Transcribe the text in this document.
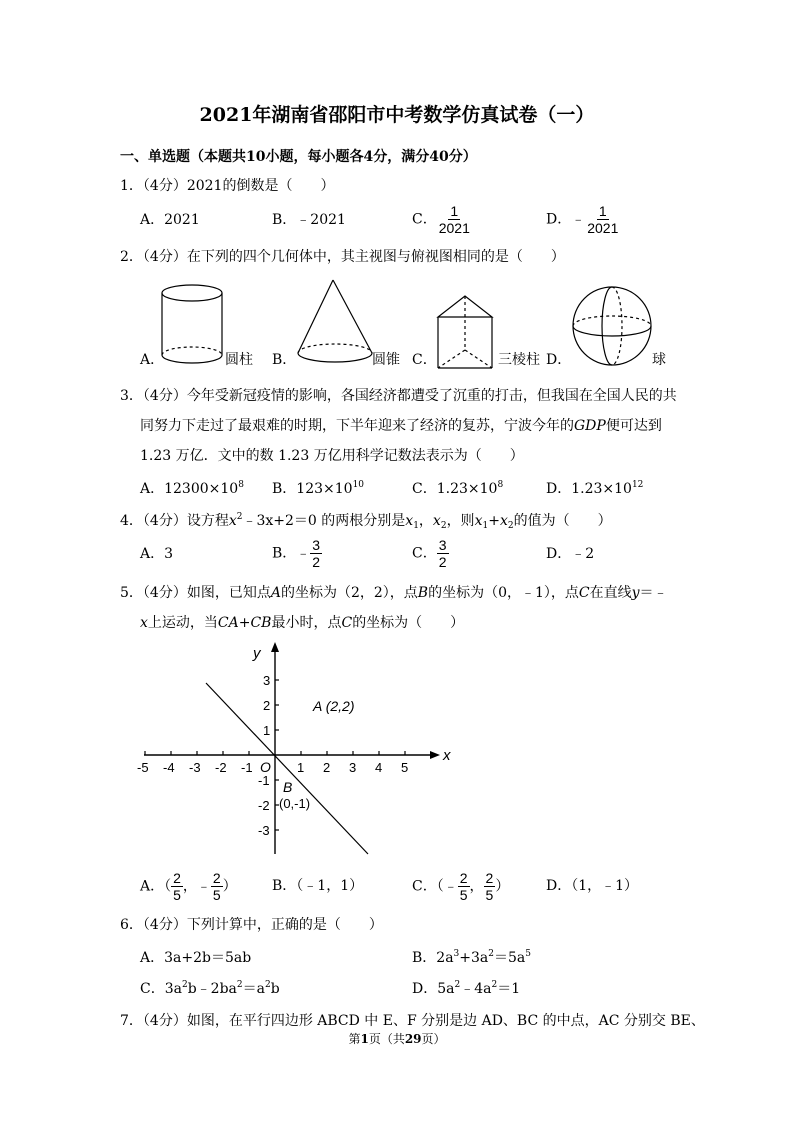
2021年湖南省邵阳市中考数学仿真试卷（一）
一、单选题（本题共10小题，每小题各4分，满分40分）
1．（4分）2021的倒数是（　　）
A．2021	B．﹣2021	C． $\frac{1}{2021}$	D．﹣ $\frac{1}{2021}$
2．（4分）在下列的四个几何体中，其主视图与俯视图相同的是（　　）
A．	圆柱 B．	圆锥 C．	三棱柱 D．	球
3．（4分）今年受新冠疫情的影响，各国经济都遭受了沉重的打击，但我国在全国人民的共
同努力下走过了最艰难的时期，下半年迎来了经济的复苏，宁波今年的GDP便可达到
1.23 万亿．文中的数 1.23 万亿用科学记数法表示为（　　）
A．$12300\times 10^8$ B．$123\times 10^{10}$	C．$1.23\times 10^8$	D．$1.23\times 10^{12}$
4．（4分）设方程$x^2﹣3x+2=0$ 的两根分别是$x_1$，$x_2$，则$x_1+x_2$的值为（　　）
A．3	B．﹣ $\frac{3}{2}$	C． $\frac{3}{2}$	D．﹣2
5．（4分）如图，已知点A的坐标为（2，2），点B的坐标为（0，﹣1），点C在直线y＝﹣
x上运动，当CA+CB最小时，点C的坐标为（　　）
-5 -4 -3 -2 -1	1 2 3 4 5
3
2
1
-1
-2
-3
y
x
O
A (2,2)
B
(0,-1)
A．（ $\frac{2}{5}$ ，﹣ $\frac{2}{5}$ ）	B．（﹣1，1）	C．（﹣ $\frac{2}{5}$ ， $\frac{2}{5}$ ）	D．（1，﹣1）
6．（4分）下列计算中，正确的是（　　）
A．3a+2b＝5ab	B．$2a^3+3a^2=5a^5$
C．$3a^2b﹣2ba^2=a^2b$	D．$5a^2﹣4a^2=1$
7．（4分）如图，在平行四边形 ABCD 中 E、F 分别是边 AD、BC 的中点，AC 分别交 BE、
第1页（共29页）
